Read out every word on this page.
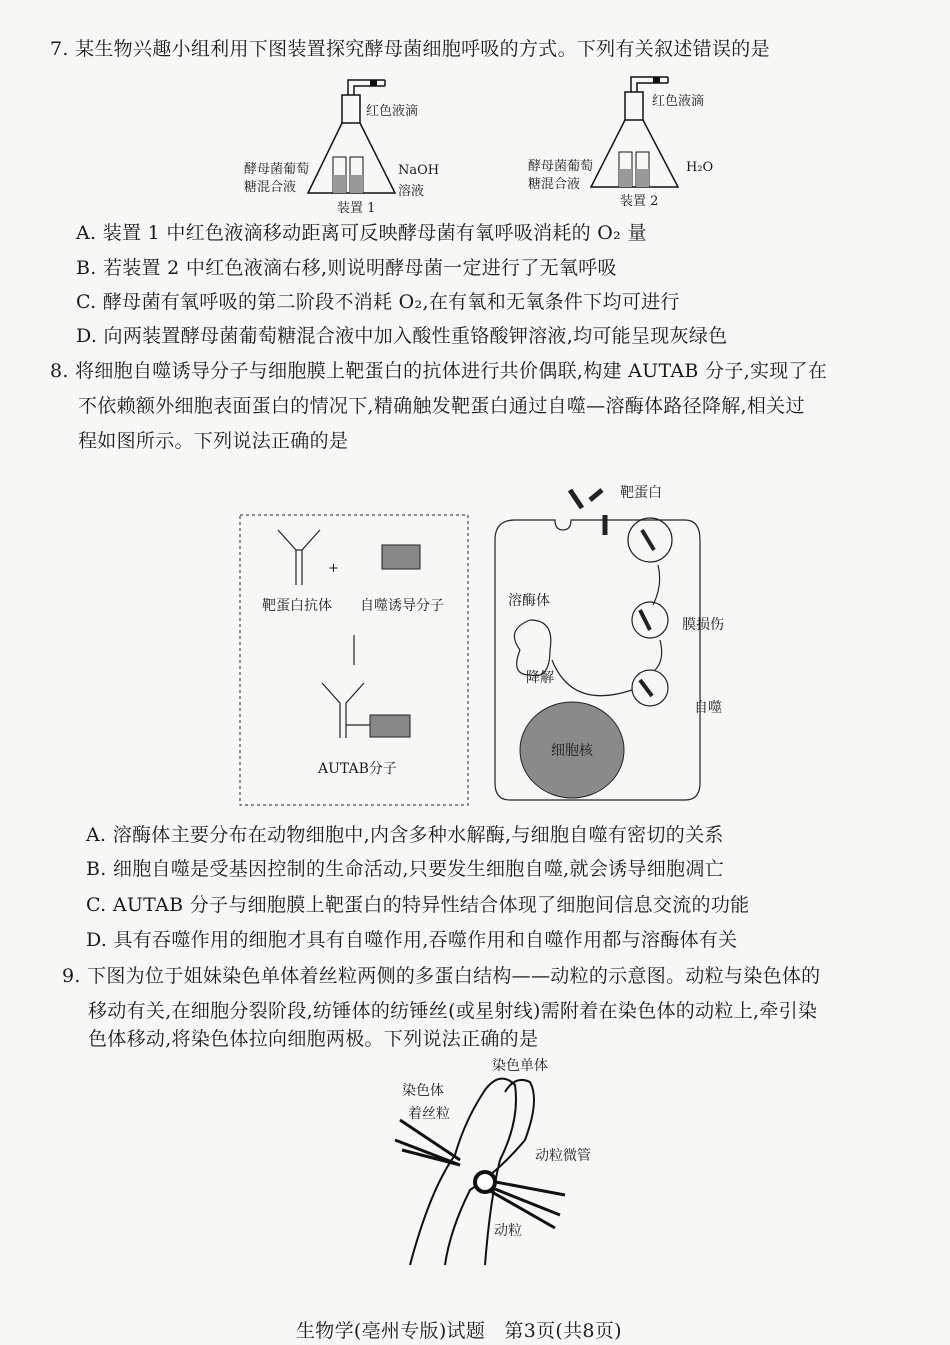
7. 某生物兴趣小组利用下图装置探究酵母菌细胞呼吸的方式。下列有关叙述错误的是
红色液滴
酵母菌葡萄
糖混合液
NaOH
溶液
装置 1
红色液滴
酵母菌葡萄
糖混合液
H₂O
装置 2
A. 装置 1 中红色液滴移动距离可反映酵母菌有氧呼吸消耗的 O₂ 量
B. 若装置 2 中红色液滴右移,则说明酵母菌一定进行了无氧呼吸
C. 酵母菌有氧呼吸的第二阶段不消耗 O₂,在有氧和无氧条件下均可进行
D. 向两装置酵母菌葡萄糖混合液中加入酸性重铬酸钾溶液,均可能呈现灰绿色
8. 将细胞自噬诱导分子与细胞膜上靶蛋白的抗体进行共价偶联,构建 AUTAB 分子,实现了在
不依赖额外细胞表面蛋白的情况下,精确触发靶蛋白通过自噬—溶酶体路径降解,相关过
程如图所示。下列说法正确的是
+
靶蛋白抗体 自噬诱导分子
AUTAB分子
靶蛋白
溶酶体
膜损伤
降解
自噬
细胞核
A. 溶酶体主要分布在动物细胞中,内含多种水解酶,与细胞自噬有密切的关系
B. 细胞自噬是受基因控制的生命活动,只要发生细胞自噬,就会诱导细胞凋亡
C. AUTAB 分子与细胞膜上靶蛋白的特异性结合体现了细胞间信息交流的功能
D. 具有吞噬作用的细胞才具有自噬作用,吞噬作用和自噬作用都与溶酶体有关
9. 下图为位于姐妹染色单体着丝粒两侧的多蛋白结构——动粒的示意图。动粒与染色体的
移动有关,在细胞分裂阶段,纺锤体的纺锤丝(或星射线)需附着在染色体的动粒上,牵引染
色体移动,将染色体拉向细胞两极。下列说法正确的是
染色单体
染色体
着丝粒
动粒微管
动粒
生物学(亳州专版)试题　第3页(共8页)
